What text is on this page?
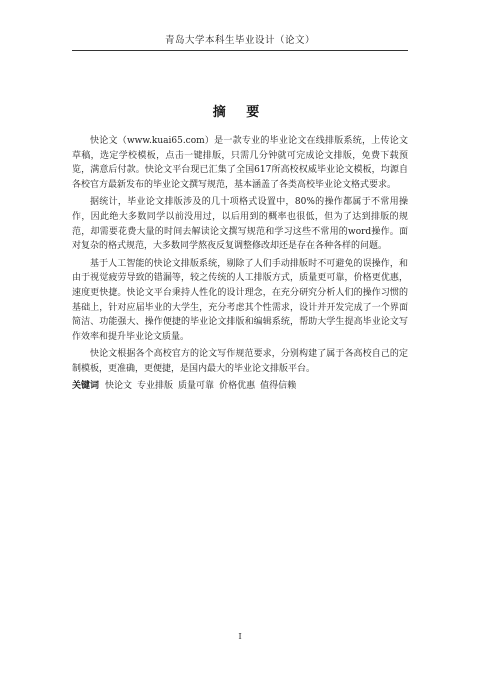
青岛大学本科生毕业设计（论文）
摘 要

快论文（www.kuai65.com）是一款专业的毕业论文在线排版系统，上传论文草稿，选定学校模板，点击一键排版，只需几分钟就可完成论文排版，免费下载预览，满意后付款。快论文平台现已汇集了全国617所高校权威毕业论文模板，均源自各校官方最新发布的毕业论文撰写规范，基本涵盖了各类高校毕业论文格式要求。

据统计，毕业论文排版涉及的几十项格式设置中，80%的操作都属于不常用操作，因此绝大多数同学以前没用过，以后用到的概率也很低，但为了达到排版的规范，却需要花费大量的时间去解读论文撰写规范和学习这些不常用的word操作。面对复杂的格式规范，大多数同学熬夜反复调整修改却还是存在各种各样的问题。

基于人工智能的快论文排版系统，剔除了人们手动排版时不可避免的误操作，和由于视觉疲劳导致的错漏等，较之传统的人工排版方式，质量更可靠，价格更优惠，速度更快捷。快论文平台秉持人性化的设计理念，在充分研究分析人们的操作习惯的基础上，针对应届毕业的大学生，充分考虑其个性需求，设计并开发完成了一个界面简洁、功能强大、操作便捷的毕业论文排版和编辑系统，帮助大学生提高毕业论文写作效率和提升毕业论文质量。

快论文根据各个高校官方的论文写作规范要求，分别构建了属于各高校自己的定制模板，更准确，更便捷，是国内最大的毕业论文排版平台。

关键词 快论文 专业排版 质量可靠 价格优惠 值得信赖

I
